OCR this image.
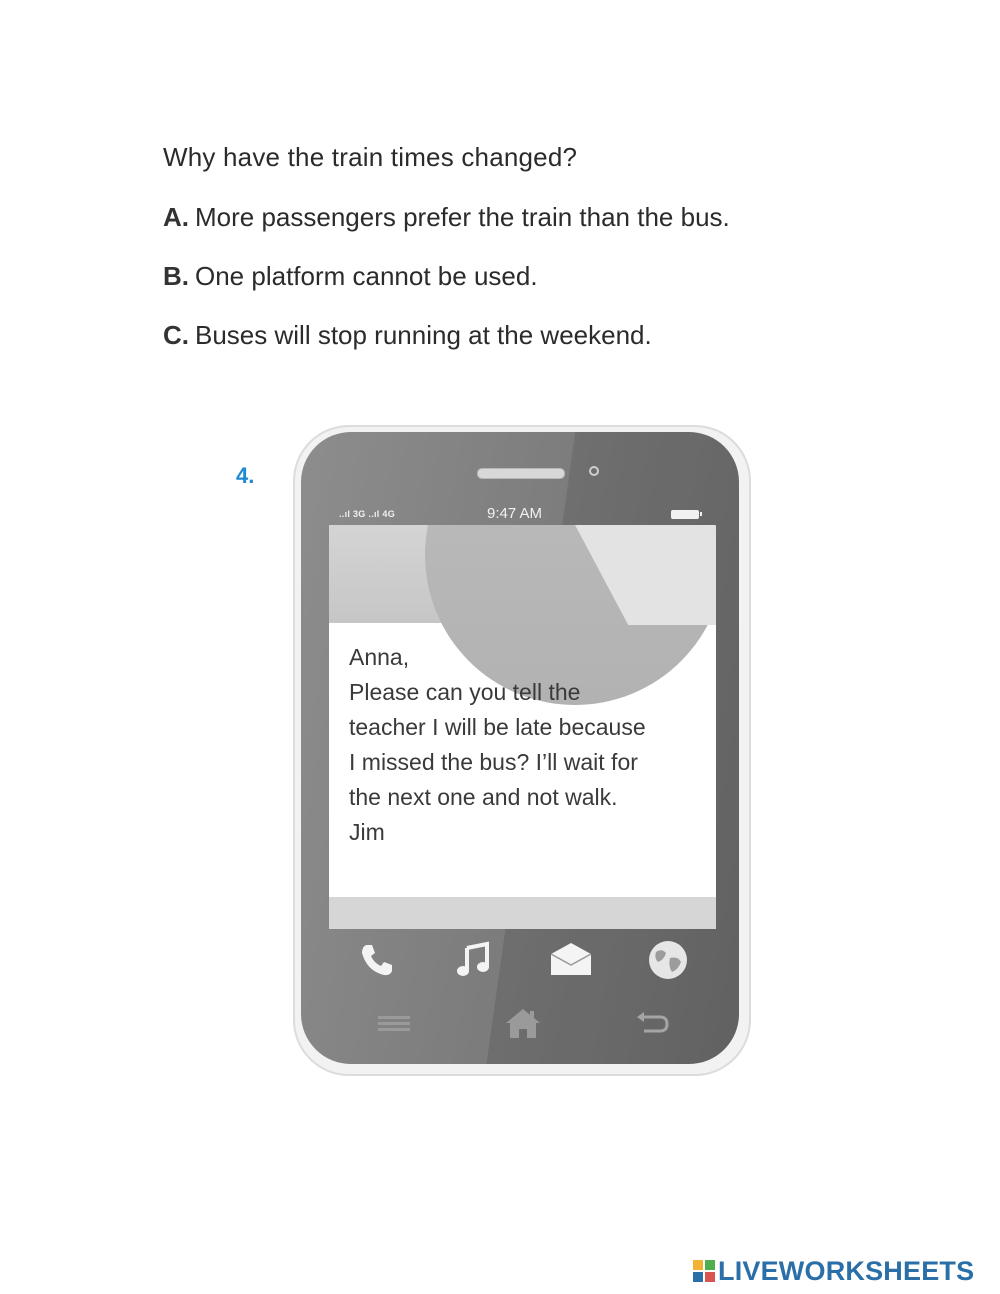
Why have the train times changed?
A. More passengers prefer the train than the bus.
B. One platform cannot be used.
C. Buses will stop running at the weekend.
4.
..ıl 3G ..ıl 4G	9:47 AM
Anna,
Please can you tell the
teacher I will be late because
I missed the bus? I’ll wait for
the next one and not walk.
Jim
LIVEWORKSHEETS
